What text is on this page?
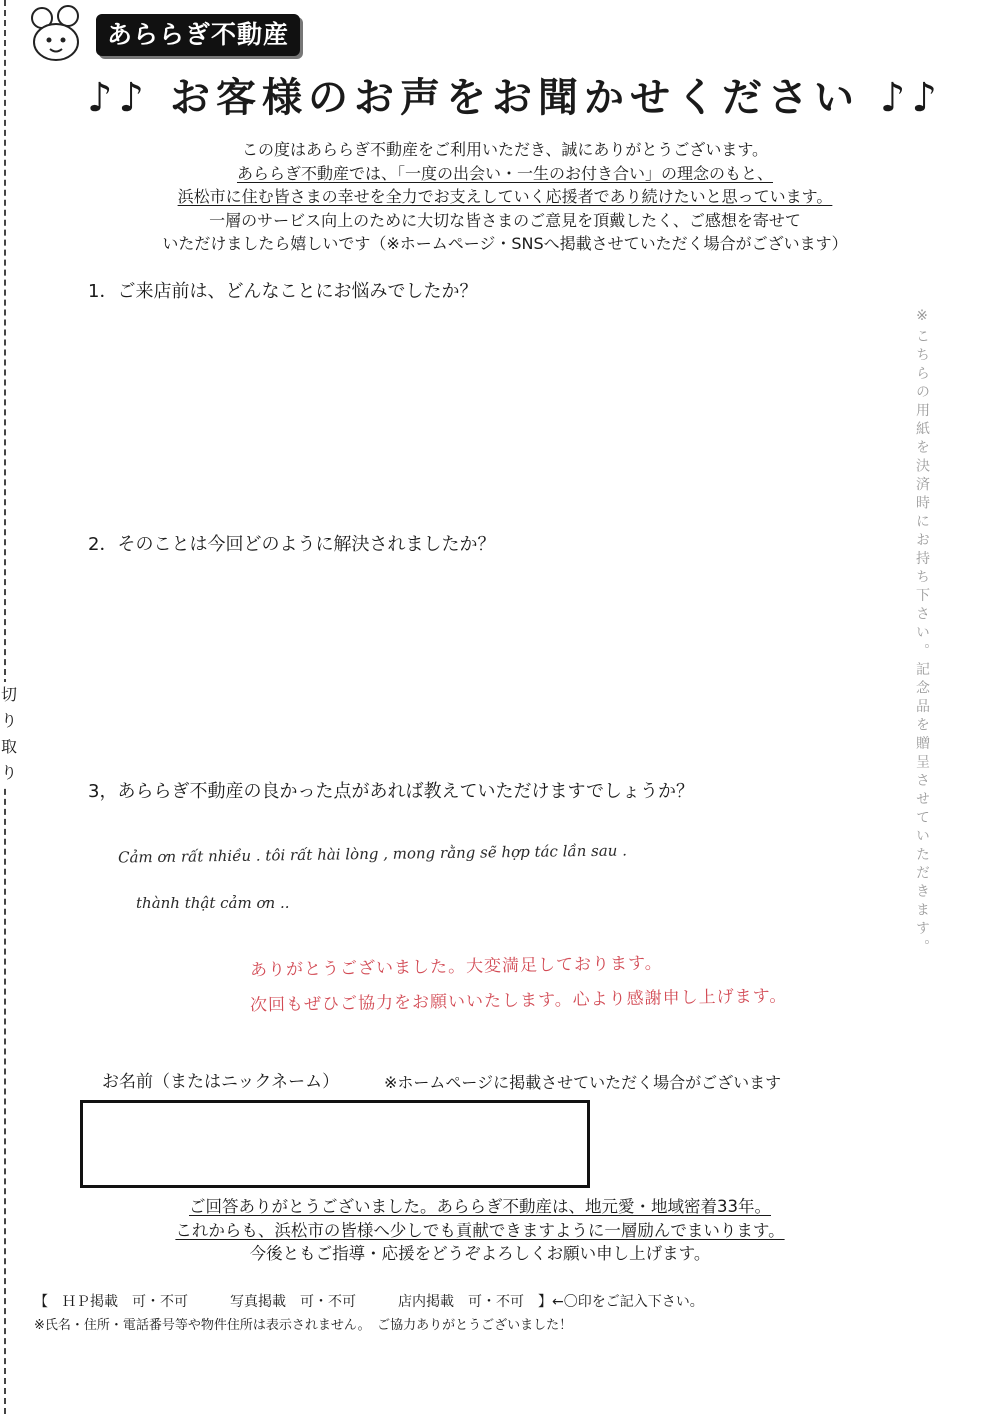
切り取り
あららぎ不動産
♪♪ お客様のお声をお聞かせください ♪♪
この度はあららぎ不動産をご利用いただき、誠にありがとうございます。
あららぎ不動産では、「一度の出会い・一生のお付き合い」の理念のもと、
浜松市に住む皆さまの幸せを全力でお支えしていく応援者であり続けたいと思っています。
一層のサービス向上のために大切な皆さまのご意見を頂戴したく、ご感想を寄せて
いただけましたら嬉しいです（※ホームページ・SNSへ掲載させていただく場合がございます）
1．ご来店前は、どんなことにお悩みでしたか？
2．そのことは今回どのように解決されましたか？
3，あららぎ不動産の良かった点があれば教えていただけますでしょうか？
Cảm ơn rất nhiều . tôi rất hài lòng , mong rằng sẽ hợp tác lần sau .
thành thật cảm ơn ..
ありがとうございました。大変満足しております。
次回もぜひご協力をお願いいたします。心より感謝申し上げます。
※こちらの用紙を決済時にお持ち下さい。記念品を贈呈させていただきます。
お名前（またはニックネーム）	※ホームページに掲載させていただく場合がございます
ご回答ありがとうございました。あららぎ不動産は、地元愛・地域密着33年。
これからも、浜松市の皆様へ少しでも貢献できますように一層励んでまいります。
今後ともご指導・応援をどうぞよろしくお願い申し上げます。
【　ＨＰ掲載　可・不可　　　写真掲載　可・不可　　　店内掲載　可・不可　】←〇印をご記入下さい。
※氏名・住所・電話番号等や物件住所は表示されません。　ご協力ありがとうございました！
